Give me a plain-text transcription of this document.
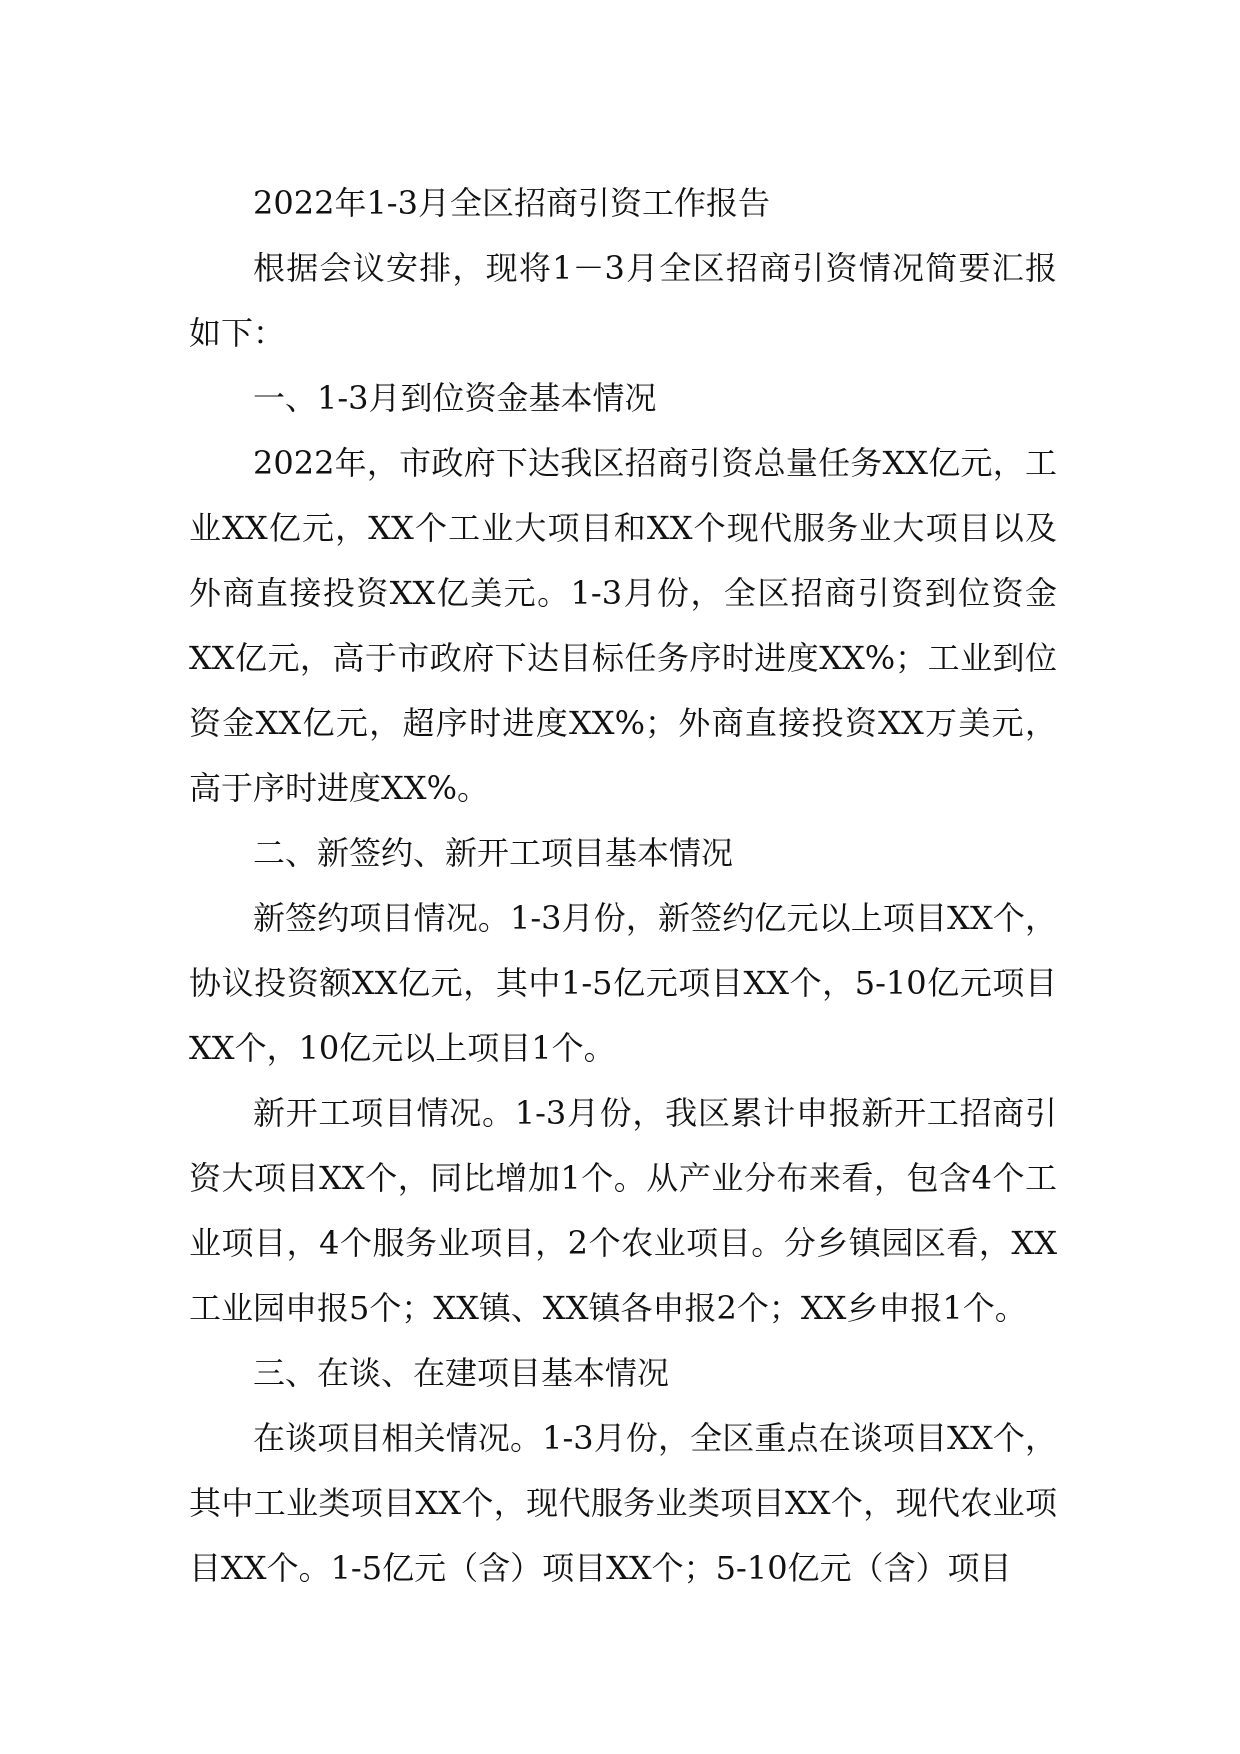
2022年1-3月全区招商引资工作报告

根据会议安排，现将1－3月全区招商引资情况简要汇报如下：

一、1-3月到位资金基本情况

2022年，市政府下达我区招商引资总量任务XX亿元，工业XX亿元，XX个工业大项目和XX个现代服务业大项目以及外商直接投资XX亿美元。1-3月份，全区招商引资到位资金XX亿元，高于市政府下达目标任务序时进度XX%；工业到位资金XX亿元，超序时进度XX%；外商直接投资XX万美元，高于序时进度XX%。

二、新签约、新开工项目基本情况

新签约项目情况。1-3月份，新签约亿元以上项目XX个，协议投资额XX亿元，其中1-5亿元项目XX个，5-10亿元项目XX个，10亿元以上项目1个。

新开工项目情况。1-3月份，我区累计申报新开工招商引资大项目XX个，同比增加1个。从产业分布来看，包含4个工业项目，4个服务业项目，2个农业项目。分乡镇园区看，XX工业园申报5个；XX镇、XX镇各申报2个；XX乡申报1个。

三、在谈、在建项目基本情况

在谈项目相关情况。1-3月份，全区重点在谈项目XX个，其中工业类项目XX个，现代服务业类项目XX个，现代农业项目XX个。1-5亿元（含）项目XX个；5-10亿元（含）项目
